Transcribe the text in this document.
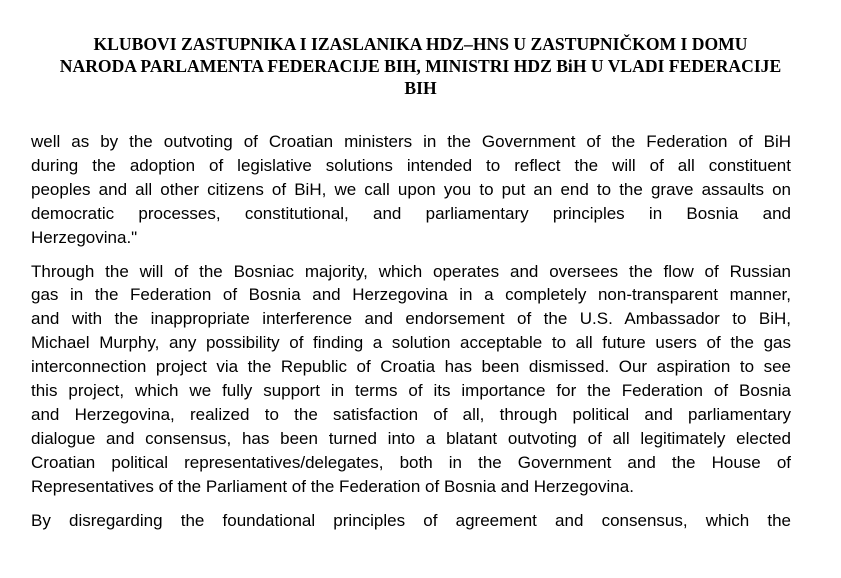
KLUBOVI ZASTUPNIKA I IZASLANIKA HDZ–HNS U ZASTUPNIČKOM I DOMU
NARODA PARLAMENTA FEDERACIJE BIH, MINISTRI HDZ BiH U VLADI FEDERACIJE
BIH
well as by the outvoting of Croatian ministers in the Government of the Federation of BiH
during the adoption of legislative solutions intended to reflect the will of all constituent
peoples and all other citizens of BiH, we call upon you to put an end to the grave assaults on
democratic processes, constitutional, and parliamentary principles in Bosnia and
Herzegovina."
Through the will of the Bosniac majority, which operates and oversees the flow of Russian
gas in the Federation of Bosnia and Herzegovina in a completely non-transparent manner,
and with the inappropriate interference and endorsement of the U.S. Ambassador to BiH,
Michael Murphy, any possibility of finding a solution acceptable to all future users of the gas
interconnection project via the Republic of Croatia has been dismissed. Our aspiration to see
this project, which we fully support in terms of its importance for the Federation of Bosnia
and Herzegovina, realized to the satisfaction of all, through political and parliamentary
dialogue and consensus, has been turned into a blatant outvoting of all legitimately elected
Croatian political representatives/delegates, both in the Government and the House of
Representatives of the Parliament of the Federation of Bosnia and Herzegovina.
By disregarding the foundational principles of agreement and consensus, which the
